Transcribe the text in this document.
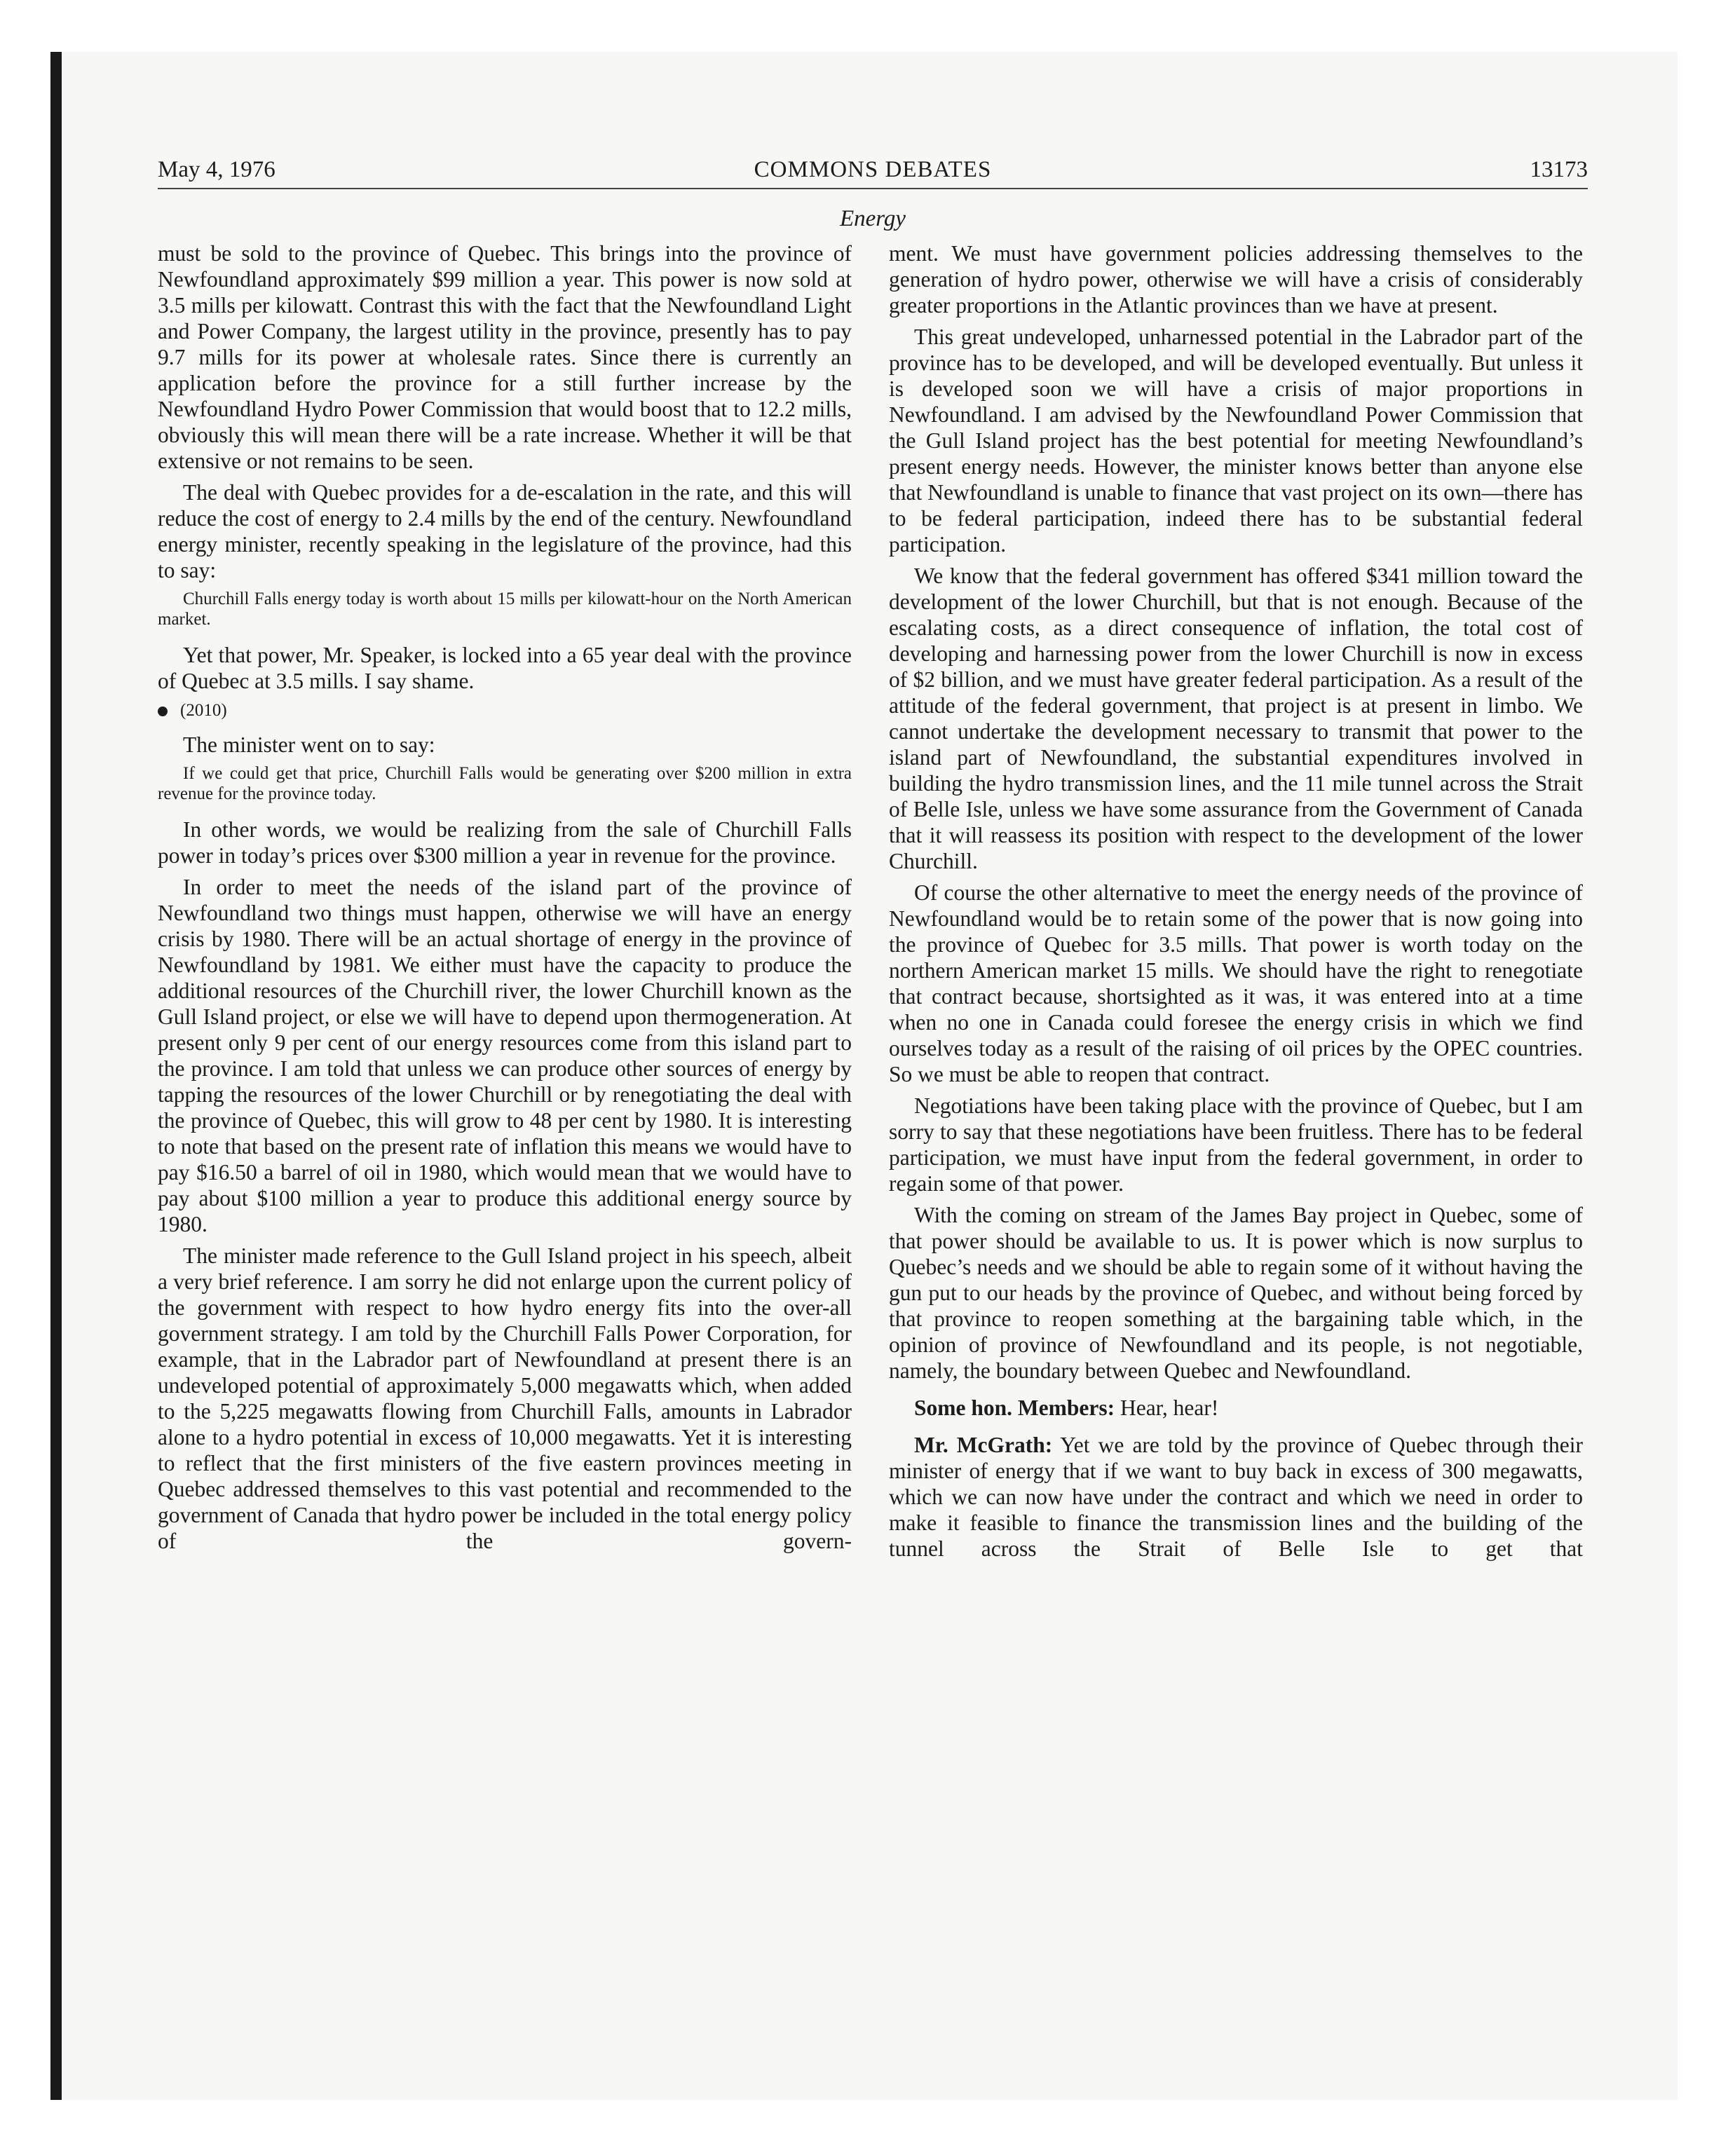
May 4, 1976	COMMONS DEBATES	13173
Energy

must be sold to the province of Quebec. This brings into the province of Newfoundland approximately $99 million a year. This power is now sold at 3.5 mills per kilowatt. Contrast this with the fact that the Newfoundland Light and Power Company, the largest utility in the province, presently has to pay 9.7 mills for its power at wholesale rates. Since there is currently an application before the province for a still further increase by the Newfoundland Hydro Power Commission that would boost that to 12.2 mills, obviously this will mean there will be a rate increase. Whether it will be that extensive or not remains to be seen.

The deal with Quebec provides for a de-escalation in the rate, and this will reduce the cost of energy to 2.4 mills by the end of the century. Newfoundland energy minister, recently speaking in the legislature of the province, had this to say:

Churchill Falls energy today is worth about 15 mills per kilowatt-hour on the North American market.

Yet that power, Mr. Speaker, is locked into a 65 year deal with the province of Quebec at 3.5 mills. I say shame.

(2010)

The minister went on to say:

If we could get that price, Churchill Falls would be generating over $200 million in extra revenue for the province today.

In other words, we would be realizing from the sale of Churchill Falls power in today’s prices over $300 million a year in revenue for the province.

In order to meet the needs of the island part of the province of Newfoundland two things must happen, otherwise we will have an energy crisis by 1980. There will be an actual shortage of energy in the province of Newfoundland by 1981. We either must have the capacity to produce the additional resources of the Churchill river, the lower Churchill known as the Gull Island project, or else we will have to depend upon thermogeneration. At present only 9 per cent of our energy resources come from this island part to the province. I am told that unless we can produce other sources of energy by tapping the resources of the lower Churchill or by renegotiating the deal with the province of Quebec, this will grow to 48 per cent by 1980. It is interesting to note that based on the present rate of inflation this means we would have to pay $16.50 a barrel of oil in 1980, which would mean that we would have to pay about $100 million a year to produce this additional energy source by 1980.

The minister made reference to the Gull Island project in his speech, albeit a very brief reference. I am sorry he did not enlarge upon the current policy of the government with respect to how hydro energy fits into the over-all government strategy. I am told by the Churchill Falls Power Corporation, for example, that in the Labrador part of Newfoundland at present there is an undeveloped potential of approximately 5,000 megawatts which, when added to the 5,225 megawatts flowing from Churchill Falls, amounts in Labrador alone to a hydro potential in excess of 10,000 megawatts. Yet it is interesting to reflect that the first ministers of the five eastern provinces meeting in Quebec addressed themselves to this vast potential and recommended to the government of Canada that hydro power be included in the total energy policy of the govern-

ment. We must have government policies addressing themselves to the generation of hydro power, otherwise we will have a crisis of considerably greater proportions in the Atlantic provinces than we have at present.

This great undeveloped, unharnessed potential in the Labrador part of the province has to be developed, and will be developed eventually. But unless it is developed soon we will have a crisis of major proportions in Newfoundland. I am advised by the Newfoundland Power Commission that the Gull Island project has the best potential for meeting Newfoundland’s present energy needs. However, the minister knows better than anyone else that Newfoundland is unable to finance that vast project on its own—there has to be federal participation, indeed there has to be substantial federal participation.

We know that the federal government has offered $341 million toward the development of the lower Churchill, but that is not enough. Because of the escalating costs, as a direct consequence of inflation, the total cost of developing and harnessing power from the lower Churchill is now in excess of $2 billion, and we must have greater federal participation. As a result of the attitude of the federal government, that project is at present in limbo. We cannot undertake the development necessary to transmit that power to the island part of Newfoundland, the substantial expenditures involved in building the hydro transmission lines, and the 11 mile tunnel across the Strait of Belle Isle, unless we have some assurance from the Government of Canada that it will reassess its position with respect to the development of the lower Churchill.

Of course the other alternative to meet the energy needs of the province of Newfoundland would be to retain some of the power that is now going into the province of Quebec for 3.5 mills. That power is worth today on the northern American market 15 mills. We should have the right to renegotiate that contract because, shortsighted as it was, it was entered into at a time when no one in Canada could foresee the energy crisis in which we find ourselves today as a result of the raising of oil prices by the OPEC countries. So we must be able to reopen that contract.

Negotiations have been taking place with the province of Quebec, but I am sorry to say that these negotiations have been fruitless. There has to be federal participation, we must have input from the federal government, in order to regain some of that power.

With the coming on stream of the James Bay project in Quebec, some of that power should be available to us. It is power which is now surplus to Quebec’s needs and we should be able to regain some of it without having the gun put to our heads by the province of Quebec, and without being forced by that province to reopen something at the bargaining table which, in the opinion of province of Newfoundland and its people, is not negotiable, namely, the boundary between Quebec and Newfoundland.

Some hon. Members: Hear, hear!

Mr. McGrath: Yet we are told by the province of Quebec through their minister of energy that if we want to buy back in excess of 300 megawatts, which we can now have under the contract and which we need in order to make it feasible to finance the transmission lines and the building of the tunnel across the Strait of Belle Isle to get that
